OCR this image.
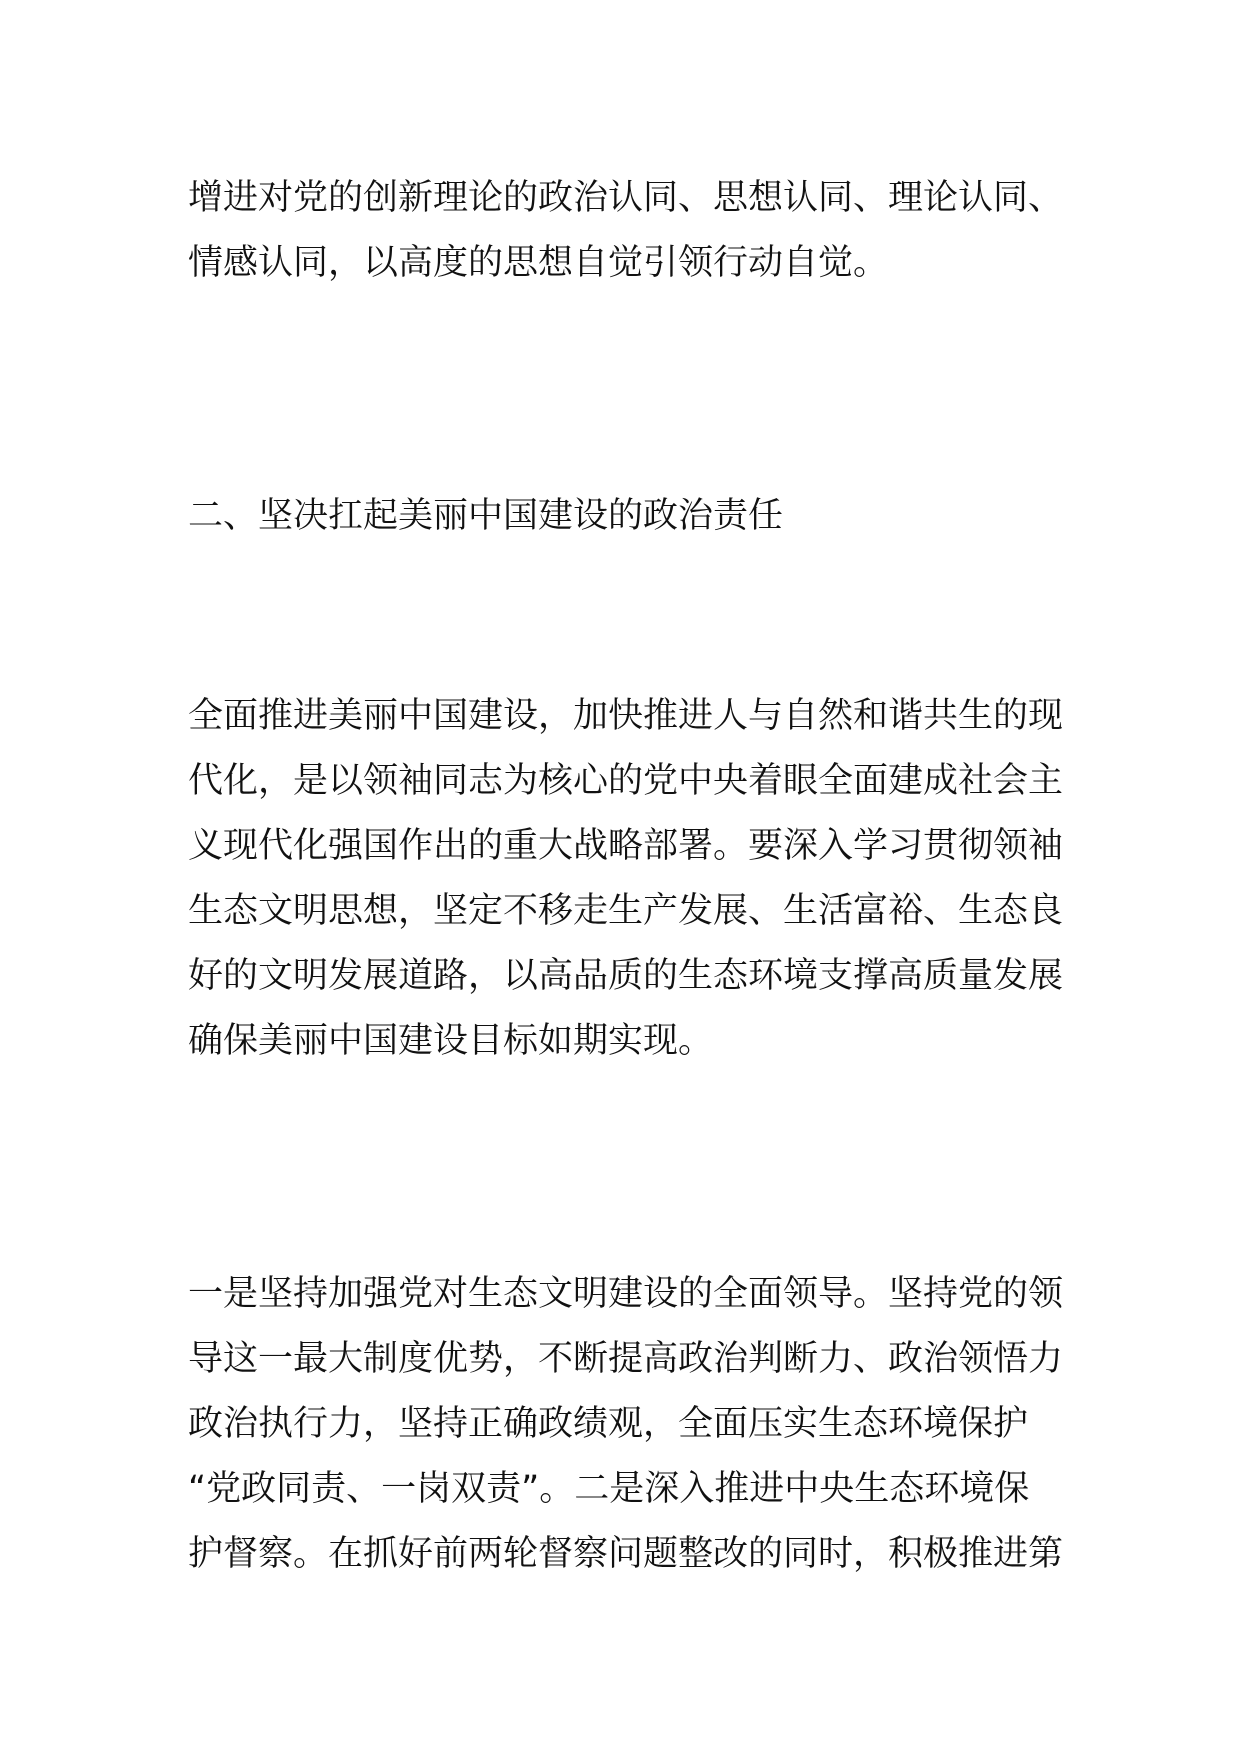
增进对党的创新理论的政治认同、思想认同、理论认同、
情感认同，以高度的思想自觉引领行动自觉。
二、坚决扛起美丽中国建设的政治责任
全面推进美丽中国建设，加快推进人与自然和谐共生的现
代化，是以领袖同志为核心的党中央着眼全面建成社会主
义现代化强国作出的重大战略部署。要深入学习贯彻领袖
生态文明思想，坚定不移走生产发展、生活富裕、生态良
好的文明发展道路，以高品质的生态环境支撑高质量发展
确保美丽中国建设目标如期实现。
一是坚持加强党对生态文明建设的全面领导。坚持党的领
导这一最大制度优势，不断提高政治判断力、政治领悟力
政治执行力，坚持正确政绩观，全面压实生态环境保护
“党政同责、一岗双责”。二是深入推进中央生态环境保
护督察。在抓好前两轮督察问题整改的同时，积极推进第
